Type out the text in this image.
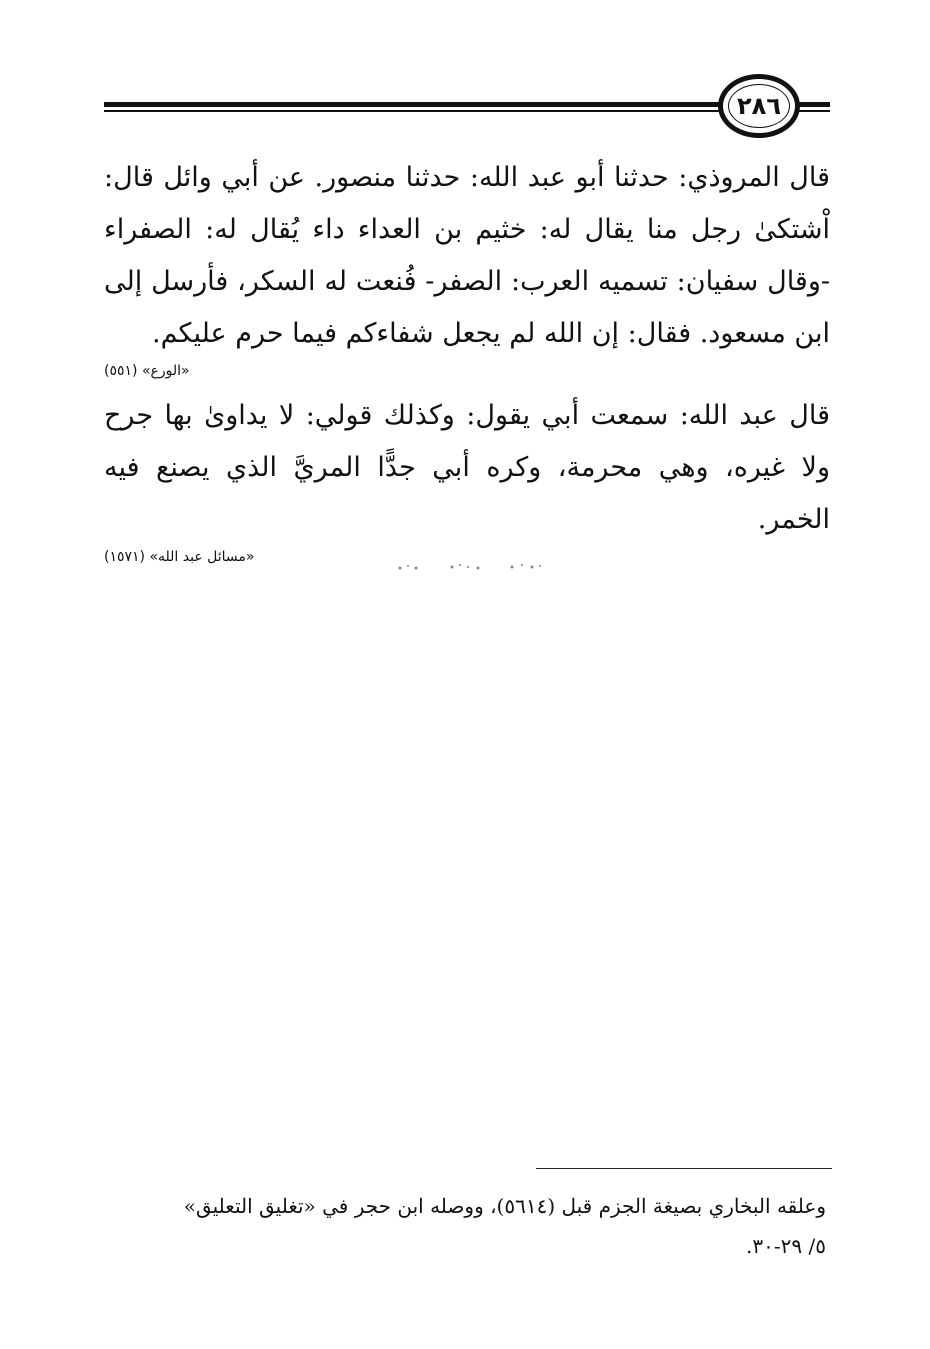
٢٨٦

قال المروذي: حدثنا أبو عبد الله: حدثنا منصور. عن أبي وائل قال: اْشتكىٰ رجل منا يقال له: خثيم بن العداء داء يُقال له: الصفراء -وقال سفيان: تسميه العرب: الصفر- فُنعت له السكر، فأرسل إلى ابن مسعود. فقال: إن الله لم يجعل شفاءكم فيما حرم عليكم.

«الورع» (٥٥١)

قال عبد الله: سمعت أبي يقول: وكذلك قولي: لا يداوىٰ بها جرح ولا غيره، وهي محرمة، وكره أبي جدًّا المريَّ الذي يصنع فيه الخمر.

«مسائل عبد الله» (١٥٧١)

وعلقه البخاري بصيغة الجزم قبل (٥٦١٤)، ووصله ابن حجر في «تغليق التعليق»

٥/ ٢٩-٣٠.
